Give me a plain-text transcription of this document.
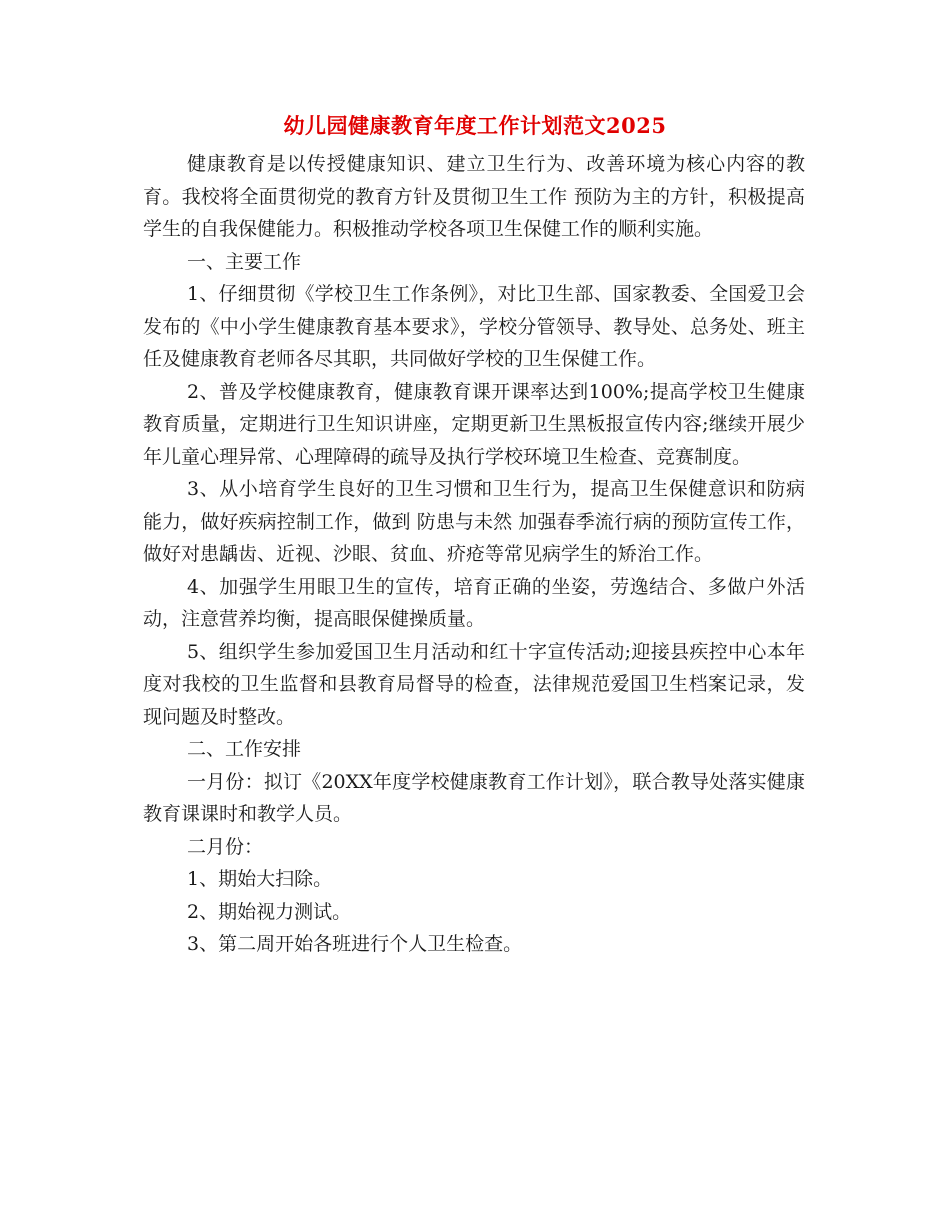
幼儿园健康教育年度工作计划范文2025

健康教育是以传授健康知识、建立卫生行为、改善环境为核心内容的教育。我校将全面贯彻党的教育方针及贯彻卫生工作 预防为主的方针，积极提高学生的自我保健能力。积极推动学校各项卫生保健工作的顺利实施。

一、主要工作

1、仔细贯彻《学校卫生工作条例》，对比卫生部、国家教委、全国爱卫会发布的《中小学生健康教育基本要求》，学校分管领导、教导处、总务处、班主任及健康教育老师各尽其职，共同做好学校的卫生保健工作。

2、普及学校健康教育，健康教育课开课率达到100%;提高学校卫生健康教育质量，定期进行卫生知识讲座，定期更新卫生黑板报宣传内容;继续开展少年儿童心理异常、心理障碍的疏导及执行学校环境卫生检查、竞赛制度。

3、从小培育学生良好的卫生习惯和卫生行为，提高卫生保健意识和防病能力，做好疾病控制工作，做到 防患与未然 加强春季流行病的预防宣传工作，做好对患龋齿、近视、沙眼、贫血、疥疮等常见病学生的矫治工作。

4、加强学生用眼卫生的宣传，培育正确的坐姿，劳逸结合、多做户外活动，注意营养均衡，提高眼保健操质量。

5、组织学生参加爱国卫生月活动和红十字宣传活动;迎接县疾控中心本年度对我校的卫生监督和县教育局督导的检查，法律规范爱国卫生档案记录，发现问题及时整改。

二、工作安排

一月份：拟订《20XX年度学校健康教育工作计划》，联合教导处落实健康教育课课时和教学人员。

二月份：

1、期始大扫除。

2、期始视力测试。

3、第二周开始各班进行个人卫生检查。
